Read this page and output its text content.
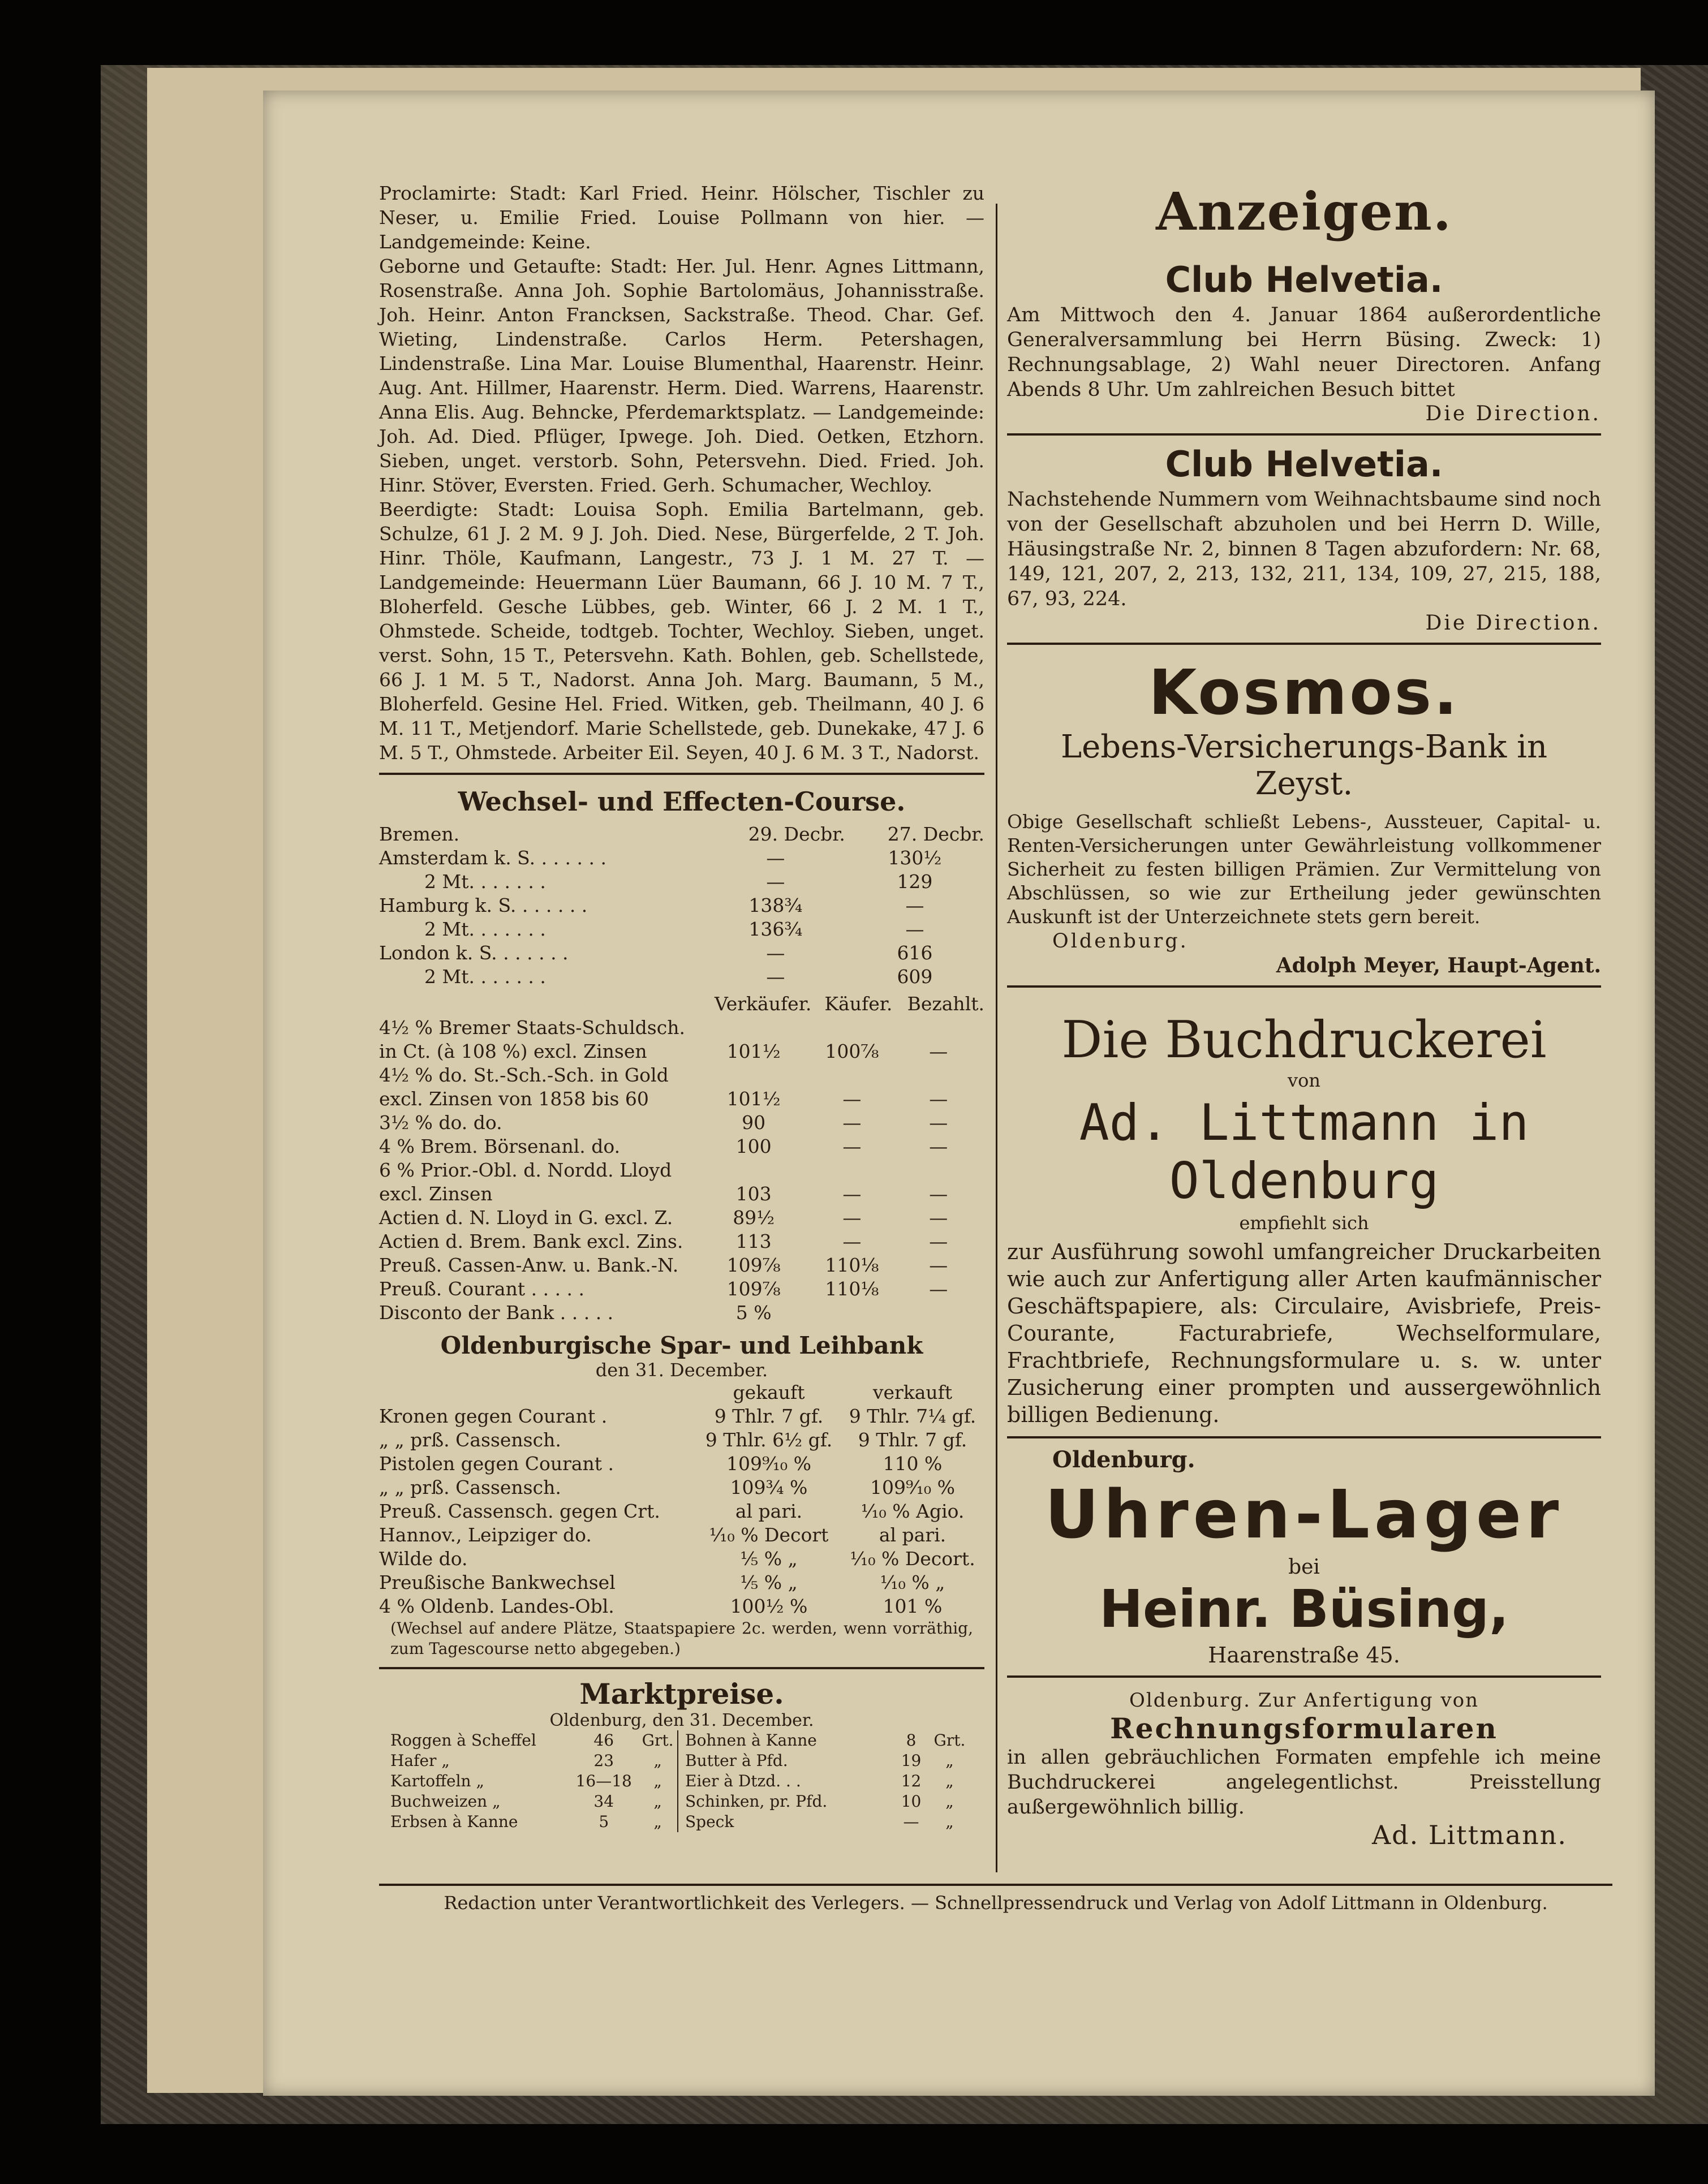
Proclamirte: Stadt: Karl Fried. Heinr. Hölscher, Tischler zu Neser, u. Emilie Fried. Louise Pollmann von hier. — Landgemeinde: Keine.

Geborne und Getaufte: Stadt: Her. Jul. Henr. Agnes Littmann, Rosenstraße. Anna Joh. Sophie Bartolomäus, Johannisstraße. Joh. Heinr. Anton Francksen, Sackstraße. Theod. Char. Gef. Wieting, Lindenstraße. Carlos Herm. Petershagen, Lindenstraße. Lina Mar. Louise Blumenthal, Haarenstr. Heinr. Aug. Ant. Hillmer, Haarenstr. Herm. Died. Warrens, Haarenstr. Anna Elis. Aug. Behncke, Pferdemarktsplatz. — Landgemeinde: Joh. Ad. Died. Pflüger, Ipwege. Joh. Died. Oetken, Etzhorn. Sieben, unget. verstorb. Sohn, Petersvehn. Died. Fried. Joh. Hinr. Stöver, Eversten. Fried. Gerh. Schumacher, Wechloy.

Beerdigte: Stadt: Louisa Soph. Emilia Bartelmann, geb. Schulze, 61 J. 2 M. 9 J. Joh. Died. Nese, Bürgerfelde, 2 T. Joh. Hinr. Thöle, Kaufmann, Langestr., 73 J. 1 M. 27 T. — Landgemeinde: Heuermann Lüer Baumann, 66 J. 10 M. 7 T., Bloherfeld. Gesche Lübbes, geb. Winter, 66 J. 2 M. 1 T., Ohmstede. Scheide, todtgeb. Tochter, Wechloy. Sieben, unget. verst. Sohn, 15 T., Petersvehn. Kath. Bohlen, geb. Schellstede, 66 J. 1 M. 5 T., Nadorst. Anna Joh. Marg. Baumann, 5 M., Bloherfeld. Gesine Hel. Fried. Witken, geb. Theilmann, 40 J. 6 M. 11 T., Metjendorf. Marie Schellstede, geb. Dunekake, 47 J. 6 M. 5 T., Ohmstede. Arbeiter Eil. Seyen, 40 J. 6 M. 3 T., Nadorst.

Wechsel- und Effecten-Course.
Bremen.	29. Decbr.	27. Decbr.
Amsterdam k. S. . . . . . .	—	130½
2 Mt. . . . . . .	—	129
Hamburg k. S. . . . . . .	138¾	—
2 Mt. . . . . . .	136¾	—
London k. S. . . . . . .	—	616
2 Mt. . . . . . .	—	609
	Verkäufer.	Käufer.	Bezahlt.
4½ % Bremer Staats-Schuldsch. in Ct. (à 108 %) excl. Zinsen	101½	100⅞	—
4½ % do. St.-Sch.-Sch. in Gold excl. Zinsen von 1858 bis 60	101½	—	—
3½ % do. do.	90	—	—
4 % Brem. Börsenanl. do.	100	—	—
6 % Prior.-Obl. d. Nordd. Lloyd excl. Zinsen	103	—	—
Actien d. N. Lloyd in G. excl. Z.	89½	—	—
Actien d. Brem. Bank excl. Zins.	113	—	—
Preuß. Cassen-Anw. u. Bank.-N.	109⅞	110⅛	—
Preuß. Courant . . . . .	109⅞	110⅛	—
Disconto der Bank . . . . .	5 %		
Oldenburgische Spar- und Leihbank
den 31. December.
	gekauft	verkauft
Kronen gegen Courant .	9 Thlr. 7 gf.	9 Thlr. 7¼ gf.
„ „ prß. Cassensch.	9 Thlr. 6½ gf.	9 Thlr. 7 gf.
Pistolen gegen Courant .	109⁹⁄₁₀ %	110 %
„ „ prß. Cassensch.	109¾ %	109⁹⁄₁₀ %
Preuß. Cassensch. gegen Crt.	al pari.	¹⁄₁₀ % Agio.
Hannov., Leipziger do.	¹⁄₁₀ % Decort	al pari.
Wilde do.	⅕ % „	¹⁄₁₀ % Decort.
Preußische Bankwechsel	⅕ % „	¹⁄₁₀ % „
4 % Oldenb. Landes-Obl.	100½ %	101 %

(Wechsel auf andere Plätze, Staatspapiere 2c. werden, wenn vorräthig, zum Tagescourse netto abgegeben.)

Marktpreise.
Oldenburg, den 31. December.
Roggen à Scheffel	46	Grt.
Hafer „	23	„
Kartoffeln „	16—18	„
Buchweizen „	34	„
Erbsen à Kanne	5	„
Bohnen à Kanne	8	Grt.
Butter à Pfd.	19	„
Eier à Dtzd. . .	12	„
Schinken, pr. Pfd.	10	„
Speck	—	„
Anzeigen.
Club Helvetia.

Am Mittwoch den 4. Januar 1864 außerordentliche Generalversammlung bei Herrn Büsing. Zweck: 1) Rechnungsablage, 2) Wahl neuer Directoren. Anfang Abends 8 Uhr. Um zahlreichen Besuch bittet

Die Direction.

Club Helvetia.

Nachstehende Nummern vom Weihnachtsbaume sind noch von der Gesellschaft abzuholen und bei Herrn D. Wille, Häusingstraße Nr. 2, binnen 8 Tagen abzufordern: Nr. 68, 149, 121, 207, 2, 213, 132, 211, 134, 109, 27, 215, 188, 67, 93, 224.

Die Direction.

Kosmos.
Lebens-Versicherungs-Bank in Zeyst.

Obige Gesellschaft schließt Lebens-, Aussteuer, Capital- u. Renten-Versicherungen unter Gewährleistung vollkommener Sicherheit zu festen billigen Prämien. Zur Vermittelung von Abschlüssen, so wie zur Ertheilung jeder gewünschten Auskunft ist der Unterzeichnete stets gern bereit.

Oldenburg.

Adolph Meyer, Haupt-Agent.

Die Buchdruckerei
von
Ad. Littmann in Oldenburg
empfiehlt sich

zur Ausführung sowohl umfangreicher Druckarbeiten wie auch zur Anfertigung aller Arten kaufmännischer Geschäftspapiere, als: Circulaire, Avisbriefe, Preis-Courante, Facturabriefe, Wechselformulare, Frachtbriefe, Rechnungsformulare u. s. w. unter Zusicherung einer prompten und aussergewöhnlich billigen Bedienung.

Oldenburg.
Uhren-Lager
bei
Heinr. Büsing,
Haarenstraße 45.
Oldenburg. Zur Anfertigung von
Rechnungsformularen

in allen gebräuchlichen Formaten empfehle ich meine Buchdruckerei angelegentlichst. Preisstellung außergewöhnlich billig.

Ad. Littmann.

Redaction unter Verantwortlichkeit des Verlegers. — Schnellpressendruck und Verlag von Adolf Littmann in Oldenburg.
